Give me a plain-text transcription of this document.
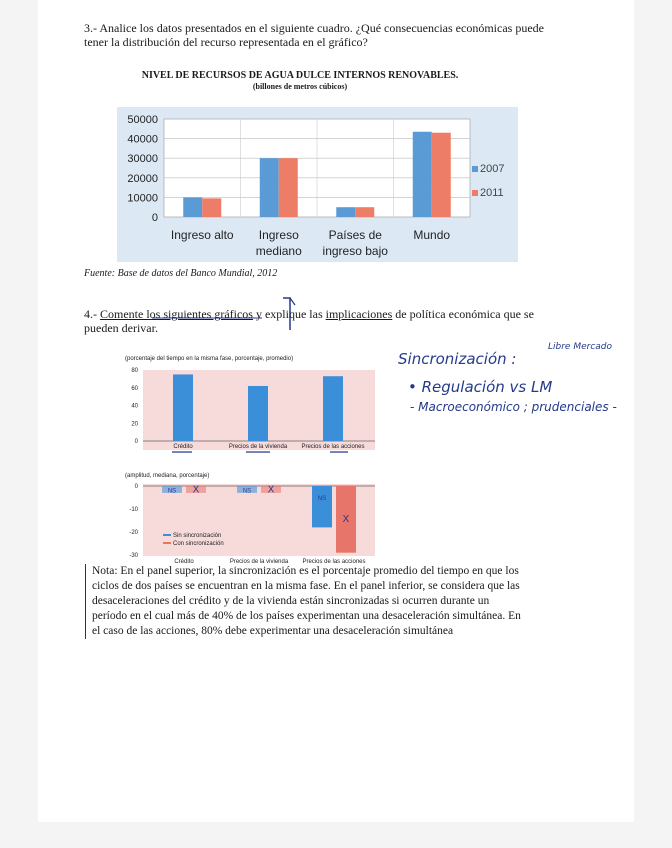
3.- Analice los datos presentados en el siguiente cuadro. ¿Qué consecuencias económicas puede tener la distribución del recurso representada en el gráfico?
NIVEL DE RECURSOS DE AGUA DULCE INTERNOS RENOVABLES.
(billones de metros cúbicos)
0
10000
20000
30000
40000
50000
Ingreso alto Ingreso
mediano
Países de
ingreso bajo
Mundo
2007
2011
(porcentaje del tiempo en la misma fase, porcentaje, promedio)
0
20
40
60
80
Crédito	Precios de la vivienda Precios de las acciones
(amplitud, mediana, porcentaje)
0
-10
-20
-30
NS X
Crédito
NS X
Precios de la vivienda
NS
X
Precios de las acciones
Sin sincronización
Con sincronización
Fuente: Base de datos del Banco Mundial, 2012
4.- Comente los siguientes gráficos y explique las implicaciones de política económica que se pueden derivar.
Sincronización :
Libre Mercado
• Regulación vs LM
- Macroeconómico ; prudenciales -
Nota: En el panel superior, la sincronización es el porcentaje promedio del tiempo en que los ciclos de dos países se encuentran en la misma fase. En el panel inferior, se considera que las desaceleraciones del crédito y de la vivienda están sincronizadas si ocurren durante un período en el cual más de 40% de los países experimentan una desaceleración simultánea. En el caso de las acciones, 80% debe experimentar una desaceleración simultánea
